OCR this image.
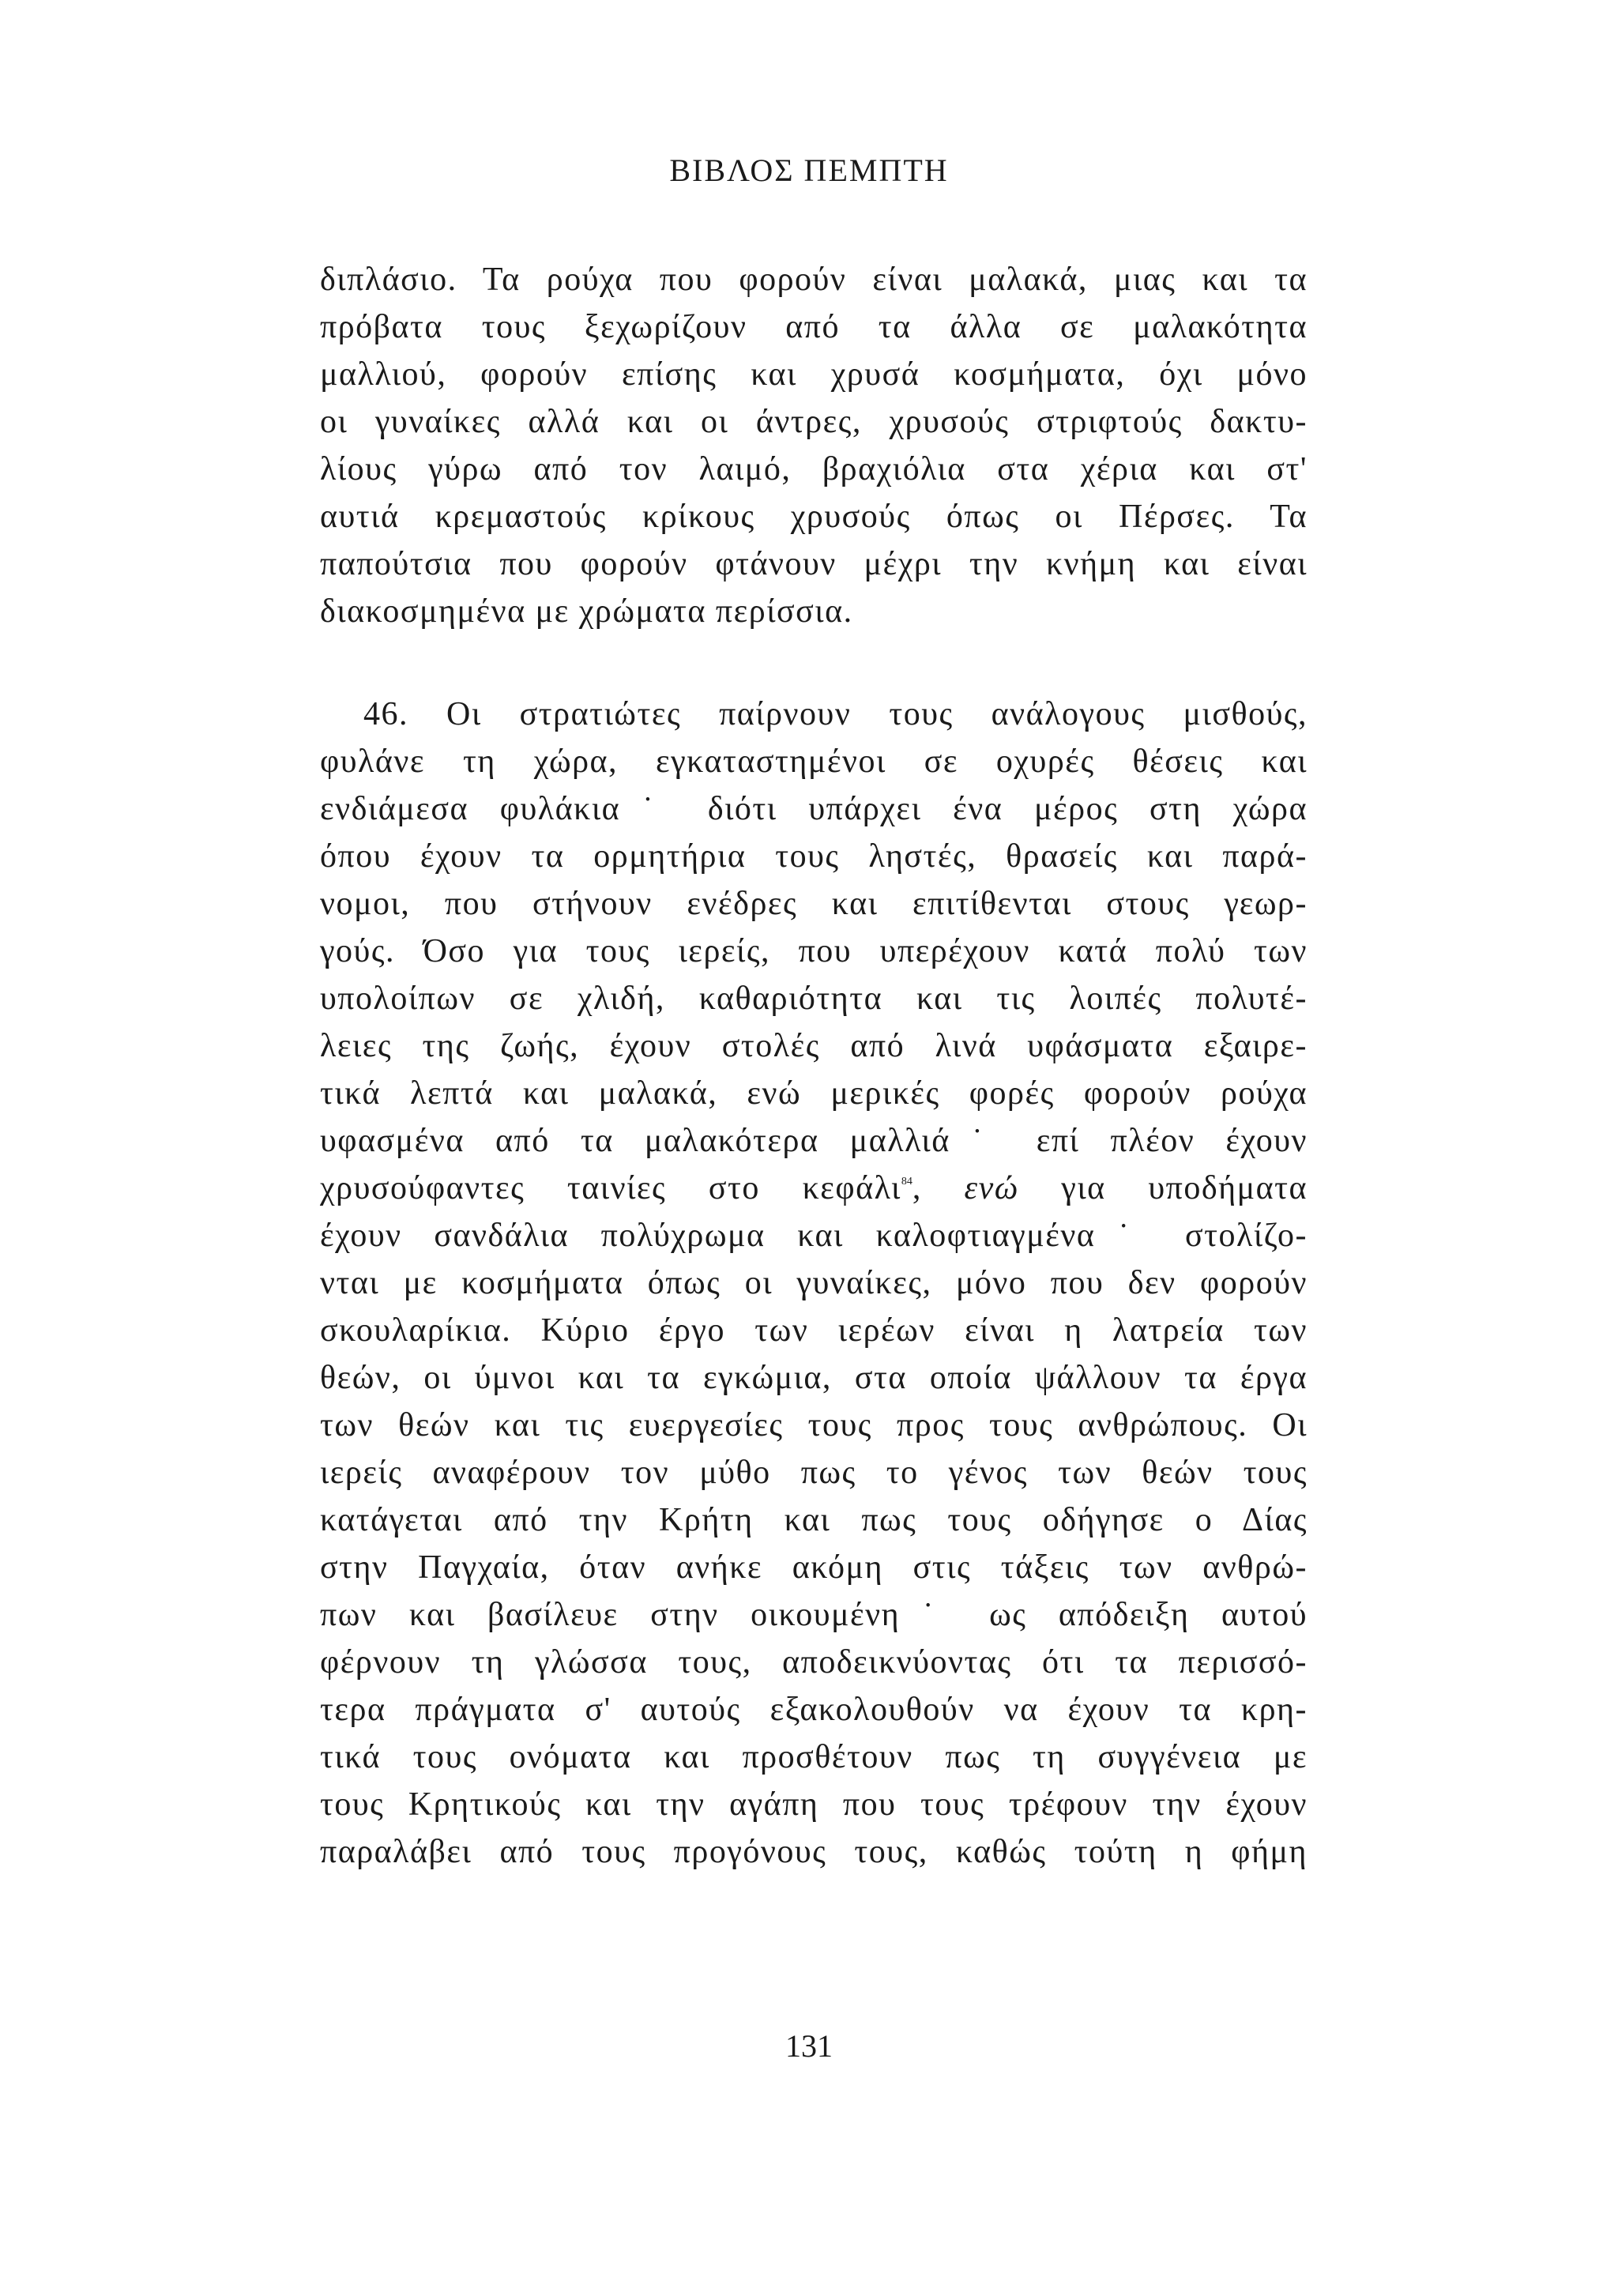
ΒΙΒΛΟΣ ΠΕΜΠΤΗ
διπλάσιο. Τα ρούχα που φορούν είναι μαλακά, μιας και τα
πρόβατα τους ξεχωρίζουν από τα άλλα σε μαλακότητα
μαλλιού, φορούν επίσης και χρυσά κοσμήματα, όχι μόνο
οι γυναίκες αλλά και οι άντρες, χρυσούς στριφτούς δακτυ-
λίους γύρω από τον λαιμό, βραχιόλια στα χέρια και στ'
αυτιά κρεμαστούς κρίκους χρυσούς όπως οι Πέρσες. Τα
παπούτσια που φορούν φτάνουν μέχρι την κνήμη και είναι
διακοσμημένα με χρώματα περίσσια.
46. Οι στρατιώτες παίρνουν τους ανάλογους μισθούς,
φυλάνε τη χώρα, εγκαταστημένοι σε οχυρές θέσεις και
ενδιάμεσα φυλάκια˙ διότι υπάρχει ένα μέρος στη χώρα
όπου έχουν τα ορμητήρια τους ληστές, θρασείς και παρά-
νομοι, που στήνουν ενέδρες και επιτίθενται στους γεωρ-
γούς. Όσο για τους ιερείς, που υπερέχουν κατά πολύ των
υπολοίπων σε χλιδή, καθαριότητα και τις λοιπές πολυτέ-
λειες της ζωής, έχουν στολές από λινά υφάσματα εξαιρε-
τικά λεπτά και μαλακά, ενώ μερικές φορές φορούν ρούχα
υφασμένα από τα μαλακότερα μαλλιά˙ επί πλέον έχουν
χρυσούφαντες ταινίες στο κεφάλι$^{84}$, ενώ για υποδήματα
έχουν σανδάλια πολύχρωμα και καλοφτιαγμένα˙ στολίζο-
νται με κοσμήματα όπως οι γυναίκες, μόνο που δεν φορούν
σκουλαρίκια. Κύριο έργο των ιερέων είναι η λατρεία των
θεών, οι ύμνοι και τα εγκώμια, στα οποία ψάλλουν τα έργα
των θεών και τις ευεργεσίες τους προς τους ανθρώπους. Οι
ιερείς αναφέρουν τον μύθο πως το γένος των θεών τους
κατάγεται από την Κρήτη και πως τους οδήγησε ο Δίας
στην Παγχαία, όταν ανήκε ακόμη στις τάξεις των ανθρώ-
πων και βασίλευε στην οικουμένη˙ ως απόδειξη αυτού
φέρνουν τη γλώσσα τους, αποδεικνύοντας ότι τα περισσό-
τερα πράγματα σ' αυτούς εξακολουθούν να έχουν τα κρη-
τικά τους ονόματα και προσθέτουν πως τη συγγένεια με
τους Κρητικούς και την αγάπη που τους τρέφουν την έχουν
παραλάβει από τους προγόνους τους, καθώς τούτη η φήμη
131
